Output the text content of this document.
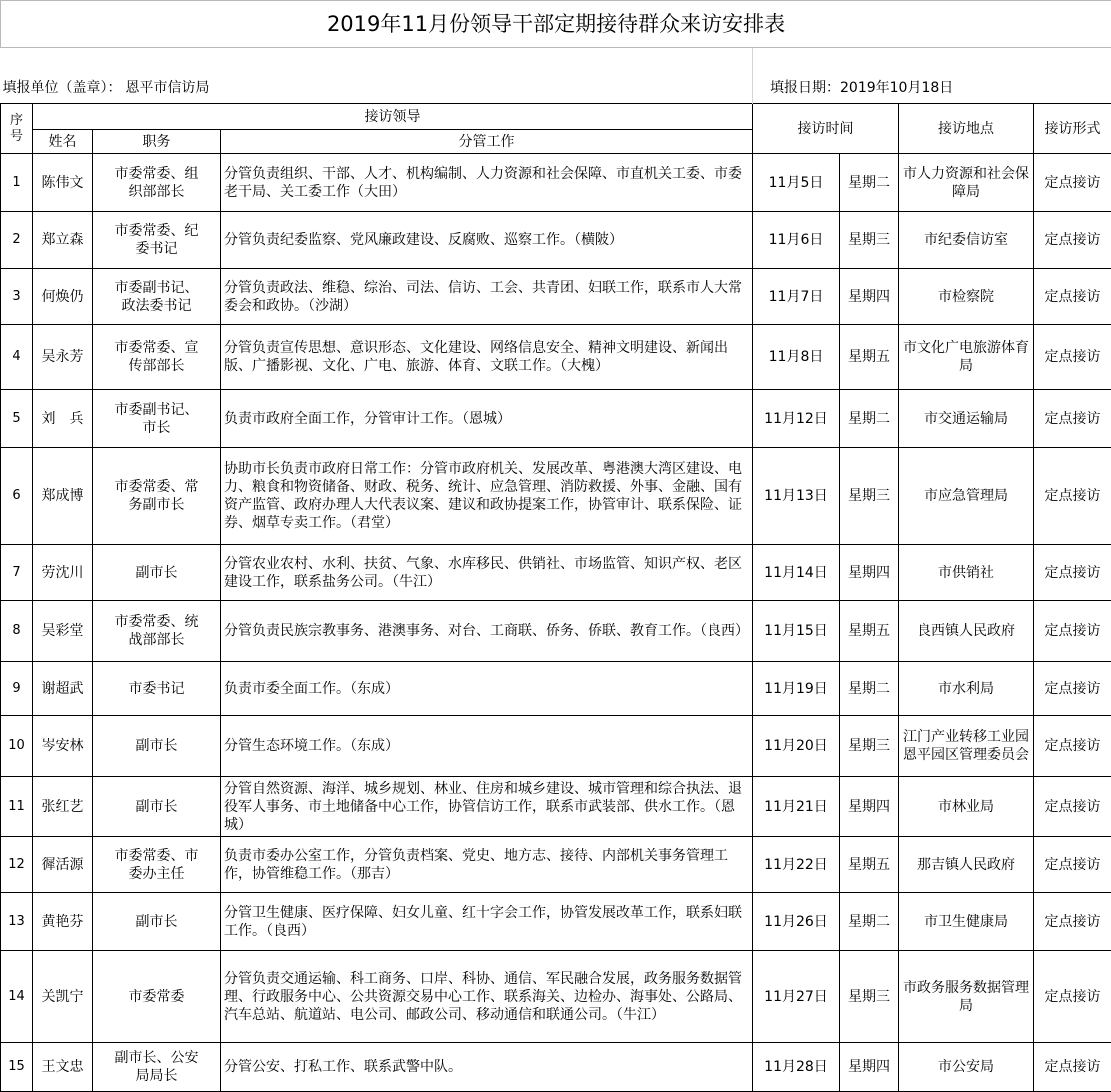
2019年11月份领导干部定期接待群众来访安排表							
填报单位（盖章）： 恩平市信访局				填报日期：2019年10月18日			
序号	接访领导			接访时间		接访地点	接访形式
	姓名	职务	分管工作				
1	陈伟文	市委常委、组织部部长	分管负责组织、干部、人才、机构编制、人力资源和社会保障、市直机关工委、市委老干局、关工委工作（大田）	11月5日	星期二	市人力资源和社会保障局	定点接访
2	郑立森	市委常委、纪委书记	分管负责纪委监察、党风廉政建设、反腐败、巡察工作。（横陂）	11月6日	星期三	市纪委信访室	定点接访
3	何焕仍	市委副书记、政法委书记	分管负责政法、维稳、综治、司法、信访、工会、共青团、妇联工作，联系市人大常委会和政协。（沙湖）	11月7日	星期四	市检察院	定点接访
4	吴永芳	市委常委、宣传部部长	分管负责宣传思想、意识形态、文化建设、网络信息安全、精神文明建设、新闻出版、广播影视、文化、广电、旅游、体育、文联工作。（大槐）	11月8日	星期五	市文化广电旅游体育局	定点接访
5	刘　兵	市委副书记、市长	负责市政府全面工作，分管审计工作。（恩城）	11月12日	星期二	市交通运输局	定点接访
6	郑成博	市委常委、常务副市长	协助市长负责市政府日常工作：分管市政府机关、发展改革、粤港澳大湾区建设、电力、粮食和物资储备、财政、税务、统计、应急管理、消防救援、外事、金融、国有资产监管、政府办理人大代表议案、建议和政协提案工作，协管审计、联系保险、证券、烟草专卖工作。（君堂）	11月13日	星期三	市应急管理局	定点接访
7	劳沈川	副市长	分管农业农村、水利、扶贫、气象、水库移民、供销社、市场监管、知识产权、老区建设工作，联系盐务公司。（牛江）	11月14日	星期四	市供销社	定点接访
8	吴彩堂	市委常委、统战部部长	分管负责民族宗教事务、港澳事务、对台、工商联、侨务、侨联、教育工作。（良西）	11月15日	星期五	良西镇人民政府	定点接访
9	谢超武	市委书记	负责市委全面工作。（东成）	11月19日	星期二	市水利局	定点接访
10	岑安林	副市长	分管生态环境工作。（东成）	11月20日	星期三	江门产业转移工业园恩平园区管理委员会	定点接访
11	张红艺	副市长	分管自然资源、海洋、城乡规划、林业、住房和城乡建设、城市管理和综合执法、退役军人事务、市土地储备中心工作，协管信访工作，联系市武装部、供水工作。（恩城）	11月21日	星期四	市林业局	定点接访
12	徲活源	市委常委、市委办主任	负责市委办公室工作，分管负责档案、党史、地方志、接待、内部机关事务管理工作，协管维稳工作。（那吉）	11月22日	星期五	那吉镇人民政府	定点接访
13	黄艳芬	副市长	分管卫生健康、医疗保障、妇女儿童、红十字会工作，协管发展改革工作，联系妇联工作。（良西）	11月26日	星期二	市卫生健康局	定点接访
14	关凯宁	市委常委	分管负责交通运输、科工商务、口岸、科协、通信、军民融合发展，政务服务数据管理、行政服务中心、公共资源交易中心工作、联系海关、边检办、海事处、公路局、汽车总站、航道站、电公司、邮政公司、移动通信和联通公司。（牛江）	11月27日	星期三	市政务服务数据管理局	定点接访
15	王文忠	副市长、公安局局长	分管公安、打私工作、联系武警中队。	11月28日	星期四	市公安局	定点接访
